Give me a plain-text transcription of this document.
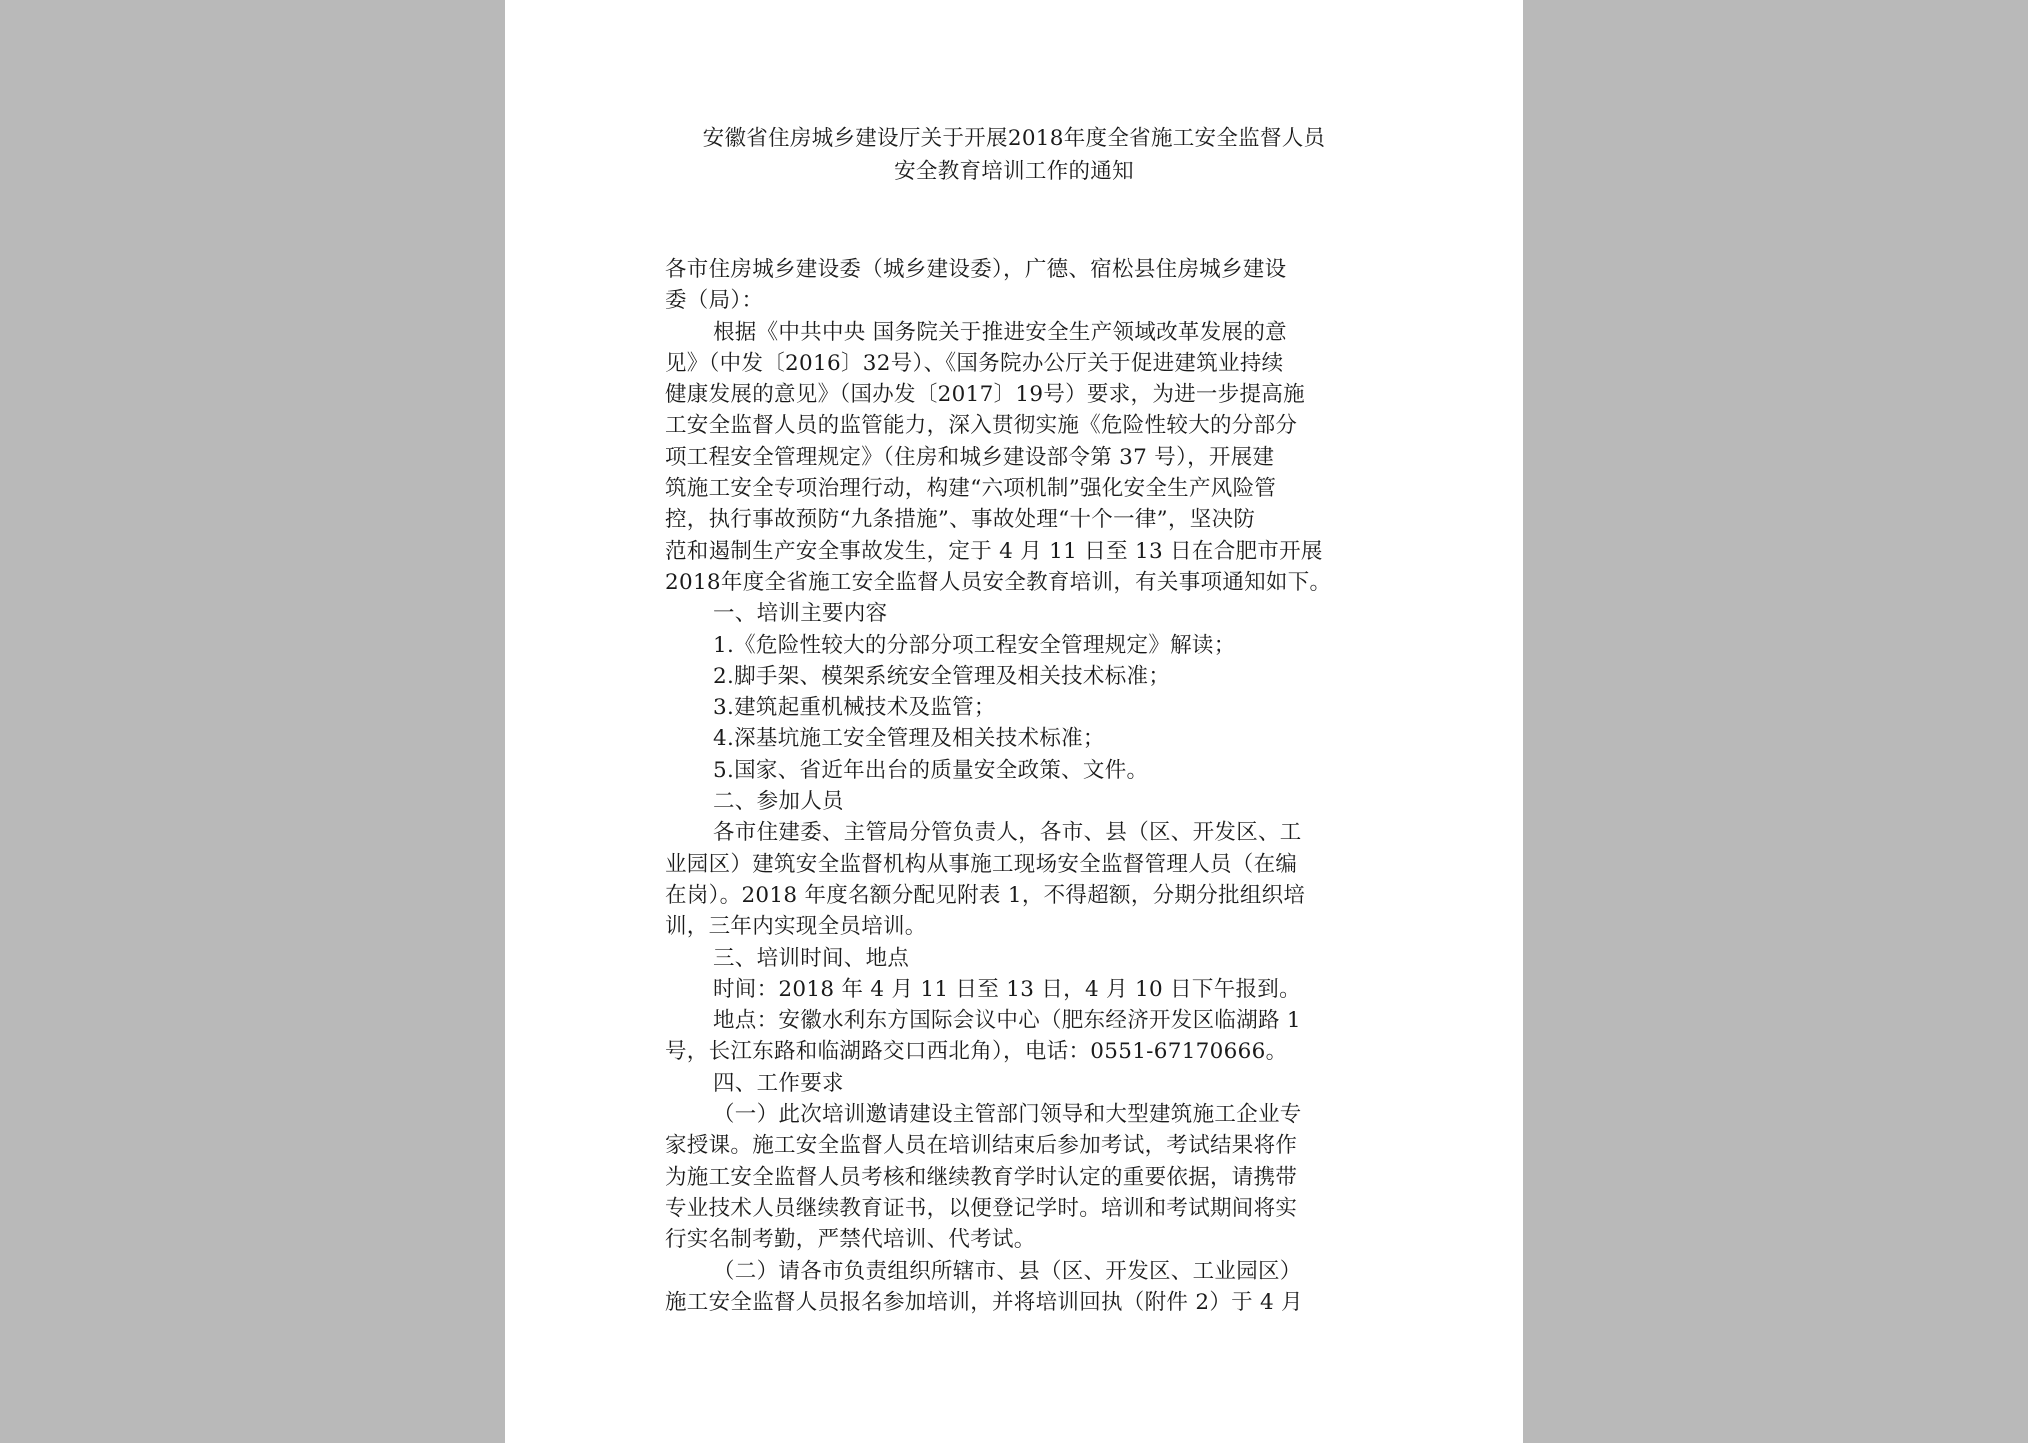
安徽省住房城乡建设厅关于开展2018年度全省施工安全监督人员
安全教育培训工作的通知
各市住房城乡建设委（城乡建设委），广德、宿松县住房城乡建设
委（局）：
根据《中共中央 国务院关于推进安全生产领域改革发展的意
见》（中发〔2016〕32号）、《国务院办公厅关于促进建筑业持续
健康发展的意见》（国办发〔2017〕19号）要求，为进一步提高施
工安全监督人员的监管能力，深入贯彻实施《危险性较大的分部分
项工程安全管理规定》（住房和城乡建设部令第 37 号），开展建
筑施工安全专项治理行动，构建“六项机制”强化安全生产风险管
控，执行事故预防“九条措施”、事故处理“十个一律”，坚决防
范和遏制生产安全事故发生，定于 4 月 11 日至 13 日在合肥市开展
2018年度全省施工安全监督人员安全教育培训，有关事项通知如下。
一、培训主要内容
1.《危险性较大的分部分项工程安全管理规定》解读；
2.脚手架、模架系统安全管理及相关技术标准；
3.建筑起重机械技术及监管；
4.深基坑施工安全管理及相关技术标准；
5.国家、省近年出台的质量安全政策、文件。
二、参加人员
各市住建委、主管局分管负责人，各市、县（区、开发区、工
业园区）建筑安全监督机构从事施工现场安全监督管理人员（在编
在岗）。2018 年度名额分配见附表 1，不得超额，分期分批组织培
训，三年内实现全员培训。
三、培训时间、地点
时间：2018 年 4 月 11 日至 13 日，4 月 10 日下午报到。
地点：安徽水利东方国际会议中心（肥东经济开发区临湖路 1
号，长江东路和临湖路交口西北角），电话：0551-67170666。
四、工作要求
（一）此次培训邀请建设主管部门领导和大型建筑施工企业专
家授课。施工安全监督人员在培训结束后参加考试，考试结果将作
为施工安全监督人员考核和继续教育学时认定的重要依据，请携带
专业技术人员继续教育证书，以便登记学时。培训和考试期间将实
行实名制考勤，严禁代培训、代考试。
（二）请各市负责组织所辖市、县（区、开发区、工业园区）
施工安全监督人员报名参加培训，并将培训回执（附件 2）于 4 月
